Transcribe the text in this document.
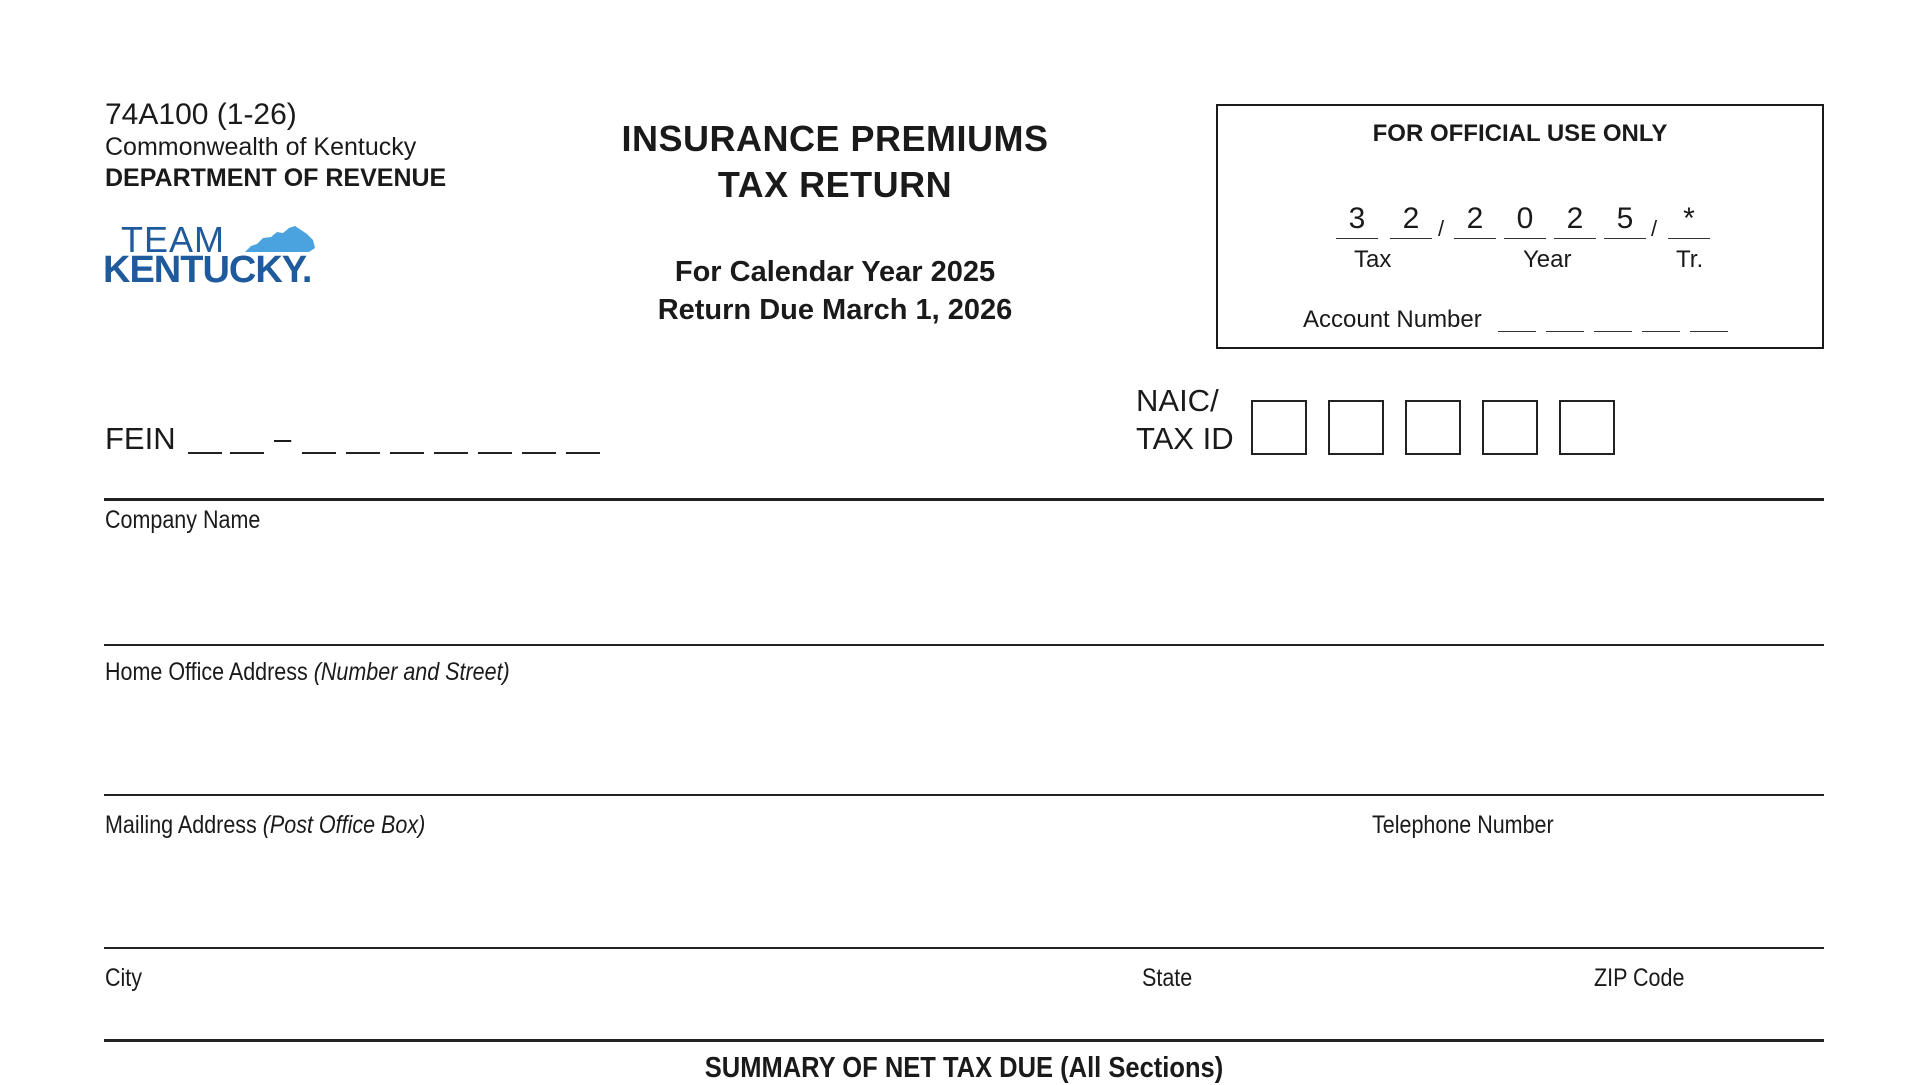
74A100 (1-26)
Commonwealth of Kentucky
DEPARTMENT OF REVENUE
TEAM
KENTUCKY.
INSURANCE PREMIUMS
TAX RETURN
For Calendar Year 2025
Return Due March 1, 2026
FOR OFFICIAL USE ONLY
3	2 / 2	0	2	5 / *
Tax	Year	Tr.
Account Number
FEIN	–
NAIC/
TAX ID
Company Name
Home Office Address (Number and Street)
Mailing Address (Post Office Box)	Telephone Number
City	State	ZIP Code
SUMMARY OF NET TAX DUE (All Sections)
